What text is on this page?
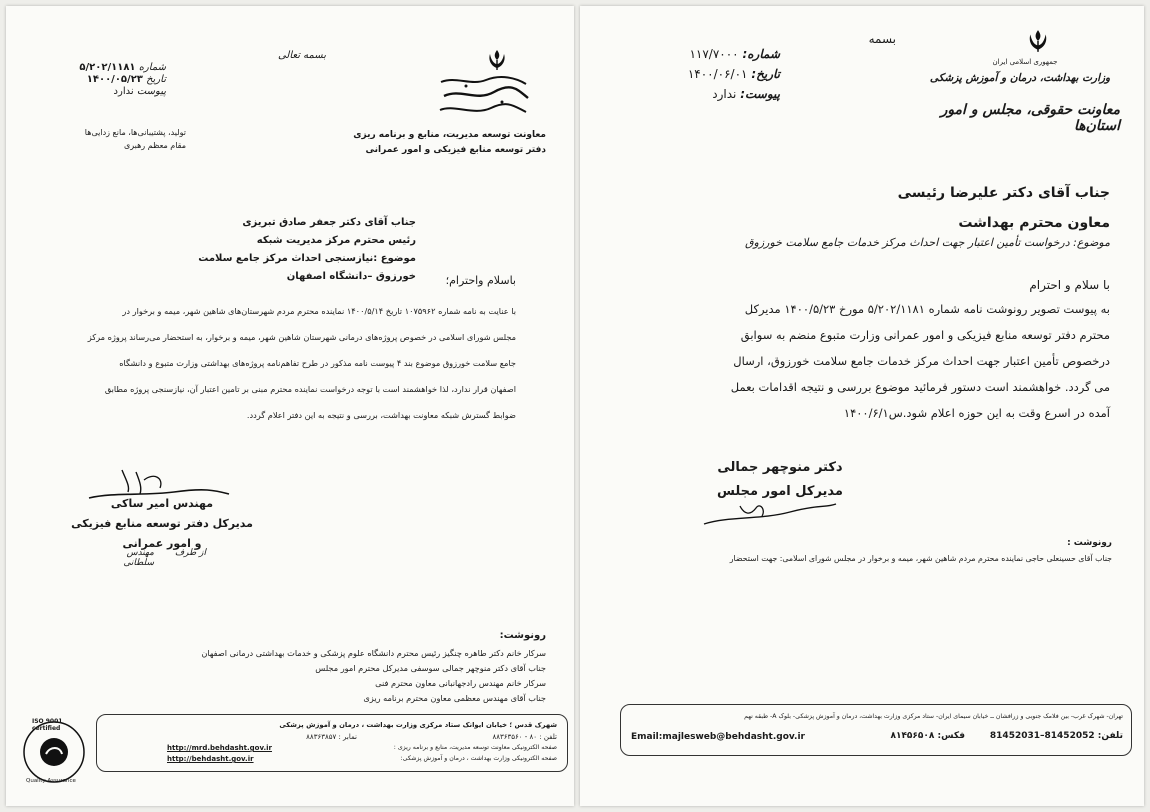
بسمه تعالی
معاونت توسعه مدیریت، منابع و برنامه ریزی
دفتر توسعه منابع فیزیکی و امور عمرانی
شماره ۵/۲۰۲/۱۱۸۱
تاریخ ۱۴۰۰/۰۵/۲۳
پیوست ندارد
تولید، پشتیبانی‌ها، مانع زدایی‌ها
مقام معظم رهبری
جناب آقای دکتر جعفر صادق تبریزی
رئیس محترم مرکز مدیریت شبکه
موضوع :نیازسنجی احداث مرکز جامع سلامت خورزوق –دانشگاه اصفهان	باسلام واحترام؛
با عنایت به نامه شماره ۱۰۷۵۹۶۲ تاریخ ۱۴۰۰/۵/۱۴ نماینده محترم مردم شهرستان‌های شاهین شهر، میمه و برخوار در
مجلس شورای اسلامی در خصوص پروژه‌های درمانی شهرستان شاهین شهر، میمه و برخوار، به استحضار می‌رساند پروژه مرکز
جامع سلامت خورزوق موضوع بند ۴ پیوست نامه مذکور در طرح تفاهم‌نامه پروژه‌های بهداشتی وزارت متبوع و دانشگاه
اصفهان قرار ندارد، لذا خواهشمند است با توجه درخواست نماینده محترم مبنی بر تامین اعتبار آن، نیازسنجی پروژه مطابق
ضوابط گسترش شبکه معاونت بهداشت، بررسی و نتیجه به این دفتر اعلام گردد.
مهندس امیر ساکی
مدیرکل دفتر توسعه منابع فیزیکی
و امور عمرانی
از طرف
مهندس سلطانی
رونوشت:
سرکار خانم دکتر طاهره چنگیز رئیس محترم دانشگاه علوم پزشکی و خدمات بهداشتی درمانی اصفهان
جناب آقای دکتر منوچهر جمالی سوسفی مدیرکل محترم امور مجلس
سرکار خانم مهندس رادجهانبانی معاون محترم فنی
جناب آقای مهندس معظمی معاون محترم برنامه ریزی
شهرک قدس ؛ خیابان ایوانک ستاد مرکزی وزارت بهداشت ، درمان و آموزش پزشکی
تلفن : ۸۰ - ۸۸۳۶۳۵۶۰
نمابر : ۸۸۳۶۳۸۵۷
صفحه الکترونیکی معاونت توسعه مدیریت، منابع و برنامه ریزی :
http://mrd.behdasht.gov.ir
صفحه الکترونیکی وزارت بهداشت ، درمان و آموزش پزشکی:
http://behdasht.gov.ir
ISO 9001 certified
Quality Assurance
بسمه
جمهوری اسلامی ایران
وزارت بهداشت، درمان و آموزش پزشکی
معاونت حقوقی، مجلس و امور استان‌ها
شماره: ۱۱۷/۷۰۰۰
تاریخ: ۱۴۰۰/۰۶/۰۱
پیوست: ندارد
جناب آقای دکتر علیرضا رئیسی
معاون محترم بهداشت
موضوع: درخواست تأمین اعتبار جهت احداث مرکز خدمات جامع سلامت خورزوق
با سلام و احترام
به پیوست تصویر رونوشت نامه شماره ۵/۲۰۲/۱۱۸۱ مورخ ۱۴۰۰/۵/۲۳ مدیرکل
محترم دفتر توسعه منابع فیزیکی و امور عمرانی وزارت متبوع منضم به سوابق
درخصوص تأمین اعتبار جهت احداث مرکز خدمات جامع سلامت خورزوق، ارسال
می گردد. خواهشمند است دستور فرمائید موضوع بررسی و نتیجه اقدامات بعمل
آمده در اسرع وقت به این حوزه اعلام شود.س۱۴۰۰/۶/۱
دکتر منوچهر جمالی
مدیرکل امور مجلس
رونوشت :
جناب آقای حسینعلی حاجی نماینده محترم مردم شاهین شهر، میمه و برخوار در مجلس شورای اسلامی: جهت استحضار
تهران- شهرک غرب- بین فلامک جنوبی و زرافشان ــ خیابان سیمای ایران- ستاد مرکزی وزارت بهداشت، درمان و آموزش پزشکی- بلوک A- طبقه نهم
تلفن: 81452052–81452031
فکس: ۸۱۴۵۶۵۰۸
Email:majlesweb@behdasht.gov.ir
